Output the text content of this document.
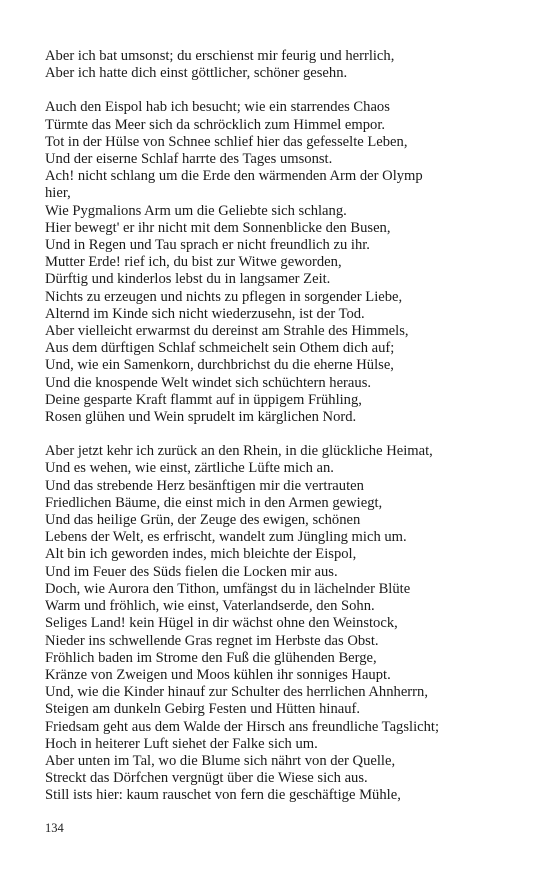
Aber ich bat umsonst; du erschienst mir feurig und herrlich,
Aber ich hatte dich einst göttlicher, schöner gesehn.
Auch den Eispol hab ich besucht; wie ein starrendes Chaos
Türmte das Meer sich da schröcklich zum Himmel empor.
Tot in der Hülse von Schnee schlief hier das gefesselte Leben,
Und der eiserne Schlaf harrte des Tages umsonst.
Ach! nicht schlang um die Erde den wärmenden Arm der Olymp
hier,
Wie Pygmalions Arm um die Geliebte sich schlang.
Hier bewegt' er ihr nicht mit dem Sonnenblicke den Busen,
Und in Regen und Tau sprach er nicht freundlich zu ihr.
Mutter Erde! rief ich, du bist zur Witwe geworden,
Dürftig und kinderlos lebst du in langsamer Zeit.
Nichts zu erzeugen und nichts zu pflegen in sorgender Liebe,
Alternd im Kinde sich nicht wiederzusehn, ist der Tod.
Aber vielleicht erwarmst du dereinst am Strahle des Himmels,
Aus dem dürftigen Schlaf schmeichelt sein Othem dich auf;
Und, wie ein Samenkorn, durchbrichst du die eherne Hülse,
Und die knospende Welt windet sich schüchtern heraus.
Deine gesparte Kraft flammt auf in üppigem Frühling,
Rosen glühen und Wein sprudelt im kärglichen Nord.
Aber jetzt kehr ich zurück an den Rhein, in die glückliche Heimat,
Und es wehen, wie einst, zärtliche Lüfte mich an.
Und das strebende Herz besänftigen mir die vertrauten
Friedlichen Bäume, die einst mich in den Armen gewiegt,
Und das heilige Grün, der Zeuge des ewigen, schönen
Lebens der Welt, es erfrischt, wandelt zum Jüngling mich um.
Alt bin ich geworden indes, mich bleichte der Eispol,
Und im Feuer des Süds fielen die Locken mir aus.
Doch, wie Aurora den Tithon, umfängst du in lächelnder Blüte
Warm und fröhlich, wie einst, Vaterlandserde, den Sohn.
Seliges Land! kein Hügel in dir wächst ohne den Weinstock,
Nieder ins schwellende Gras regnet im Herbste das Obst.
Fröhlich baden im Strome den Fuß die glühenden Berge,
Kränze von Zweigen und Moos kühlen ihr sonniges Haupt.
Und, wie die Kinder hinauf zur Schulter des herrlichen Ahnherrn,
Steigen am dunkeln Gebirg Festen und Hütten hinauf.
Friedsam geht aus dem Walde der Hirsch ans freundliche Tagslicht;
Hoch in heiterer Luft siehet der Falke sich um.
Aber unten im Tal, wo die Blume sich nährt von der Quelle,
Streckt das Dörfchen vergnügt über die Wiese sich aus.
Still ists hier: kaum rauschet von fern die geschäftige Mühle,
134
